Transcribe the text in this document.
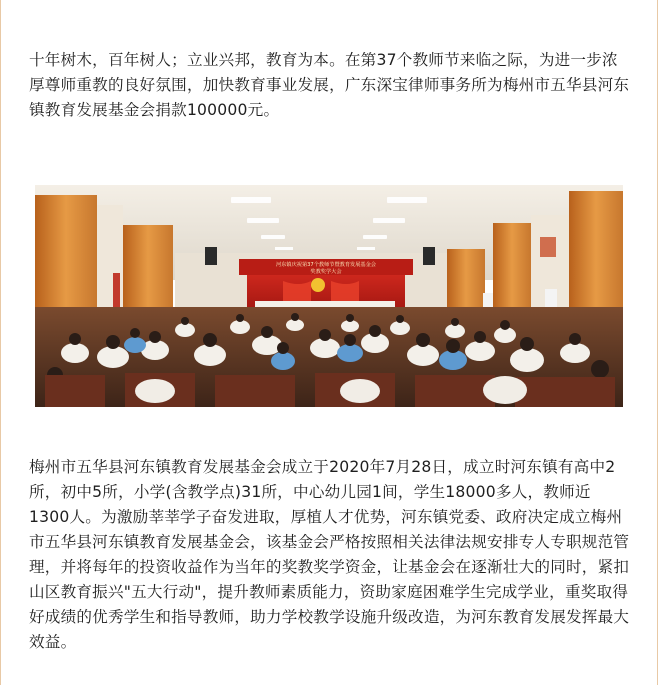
十年树木，百年树人；立业兴邦，教育为本。在第37个教师节来临之际，为进一步浓厚尊师重教的良好氛围，加快教育事业发展，广东深宝律师事务所为梅州市五华县河东镇教育发展基金会捐款100000元。

河东镇庆祝第37个教师节暨教育发展基金会
奖教奖学大会

梅州市五华县河东镇教育发展基金会成立于2020年7月28日，成立时河东镇有高中2所，初中5所，小学(含教学点)31所，中心幼儿园1间，学生18000多人，教师近 1300人。为激励莘莘学子奋发进取，厚植人才优势，河东镇党委、政府决定成立梅州市五华县河东镇教育发展基金会，该基金会严格按照相关法律法规安排专人专职规范管理，并将每年的投资收益作为当年的奖教奖学资金，让基金会在逐渐壮大的同时，紧扣山区教育振兴"五大行动"，提升教师素质能力，资助家庭困难学生完成学业，重奖取得好成绩的优秀学生和指导教师，助力学校教学设施升级改造，为河东教育发展发挥最大效益。
